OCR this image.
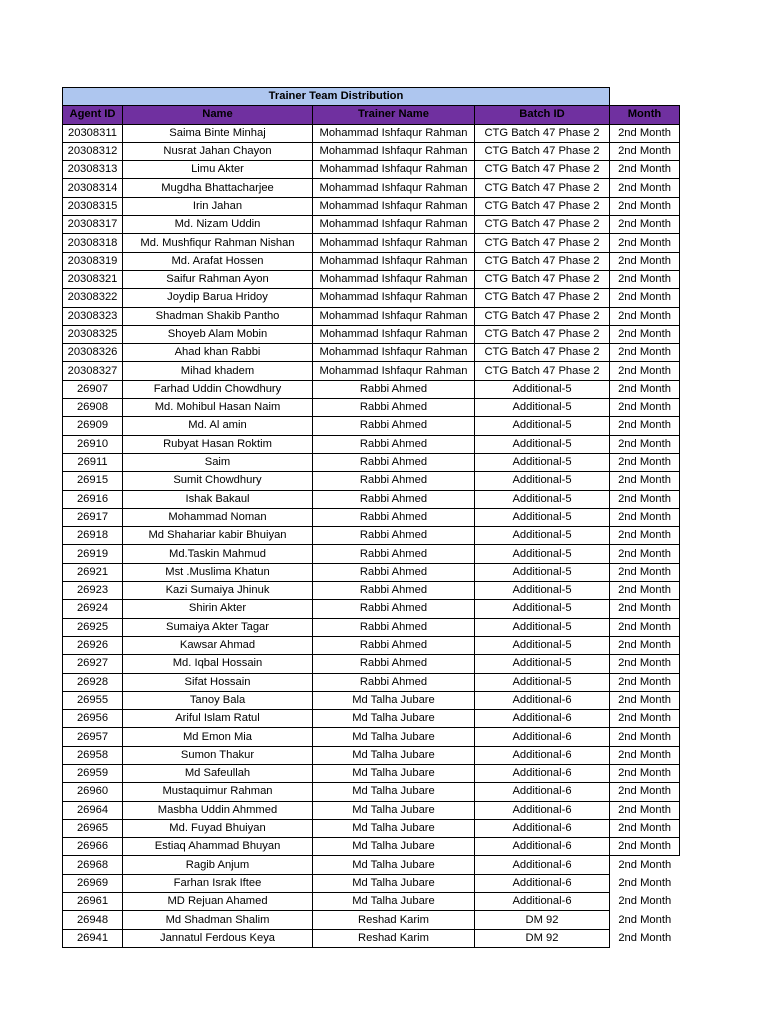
Trainer Team Distribution				
Agent ID	Name	Trainer Name	Batch ID	Month
20308311	Saima Binte Minhaj	Mohammad Ishfaqur Rahman	CTG Batch 47 Phase 2	2nd Month
20308312	Nusrat Jahan Chayon	Mohammad Ishfaqur Rahman	CTG Batch 47 Phase 2	2nd Month
20308313	Limu Akter	Mohammad Ishfaqur Rahman	CTG Batch 47 Phase 2	2nd Month
20308314	Mugdha Bhattacharjee	Mohammad Ishfaqur Rahman	CTG Batch 47 Phase 2	2nd Month
20308315	Irin Jahan	Mohammad Ishfaqur Rahman	CTG Batch 47 Phase 2	2nd Month
20308317	Md. Nizam Uddin	Mohammad Ishfaqur Rahman	CTG Batch 47 Phase 2	2nd Month
20308318	Md. Mushfiqur Rahman Nishan	Mohammad Ishfaqur Rahman	CTG Batch 47 Phase 2	2nd Month
20308319	Md. Arafat Hossen	Mohammad Ishfaqur Rahman	CTG Batch 47 Phase 2	2nd Month
20308321	Saifur Rahman Ayon	Mohammad Ishfaqur Rahman	CTG Batch 47 Phase 2	2nd Month
20308322	Joydip Barua Hridoy	Mohammad Ishfaqur Rahman	CTG Batch 47 Phase 2	2nd Month
20308323	Shadman Shakib Pantho	Mohammad Ishfaqur Rahman	CTG Batch 47 Phase 2	2nd Month
20308325	Shoyeb Alam Mobin	Mohammad Ishfaqur Rahman	CTG Batch 47 Phase 2	2nd Month
20308326	Ahad khan Rabbi	Mohammad Ishfaqur Rahman	CTG Batch 47 Phase 2	2nd Month
20308327	Mihad khadem	Mohammad Ishfaqur Rahman	CTG Batch 47 Phase 2	2nd Month
26907	Farhad Uddin Chowdhury	Rabbi Ahmed	Additional-5	2nd Month
26908	Md. Mohibul Hasan Naim	Rabbi Ahmed	Additional-5	2nd Month
26909	Md. Al amin	Rabbi Ahmed	Additional-5	2nd Month
26910	Rubyat Hasan Roktim	Rabbi Ahmed	Additional-5	2nd Month
26911	Saim	Rabbi Ahmed	Additional-5	2nd Month
26915	Sumit Chowdhury	Rabbi Ahmed	Additional-5	2nd Month
26916	Ishak Bakaul	Rabbi Ahmed	Additional-5	2nd Month
26917	Mohammad Noman	Rabbi Ahmed	Additional-5	2nd Month
26918	Md Shahariar kabir Bhuiyan	Rabbi Ahmed	Additional-5	2nd Month
26919	Md.Taskin Mahmud	Rabbi Ahmed	Additional-5	2nd Month
26921	Mst .Muslima Khatun	Rabbi Ahmed	Additional-5	2nd Month
26923	Kazi Sumaiya Jhinuk	Rabbi Ahmed	Additional-5	2nd Month
26924	Shirin Akter	Rabbi Ahmed	Additional-5	2nd Month
26925	Sumaiya Akter Tagar	Rabbi Ahmed	Additional-5	2nd Month
26926	Kawsar Ahmad	Rabbi Ahmed	Additional-5	2nd Month
26927	Md. Iqbal Hossain	Rabbi Ahmed	Additional-5	2nd Month
26928	Sifat Hossain	Rabbi Ahmed	Additional-5	2nd Month
26955	Tanoy Bala	Md Talha Jubare	Additional-6	2nd Month
26956	Ariful Islam Ratul	Md Talha Jubare	Additional-6	2nd Month
26957	Md Emon Mia	Md Talha Jubare	Additional-6	2nd Month
26958	Sumon Thakur	Md Talha Jubare	Additional-6	2nd Month
26959	Md Safeullah	Md Talha Jubare	Additional-6	2nd Month
26960	Mustaquimur Rahman	Md Talha Jubare	Additional-6	2nd Month
26964	Masbha Uddin Ahmmed	Md Talha Jubare	Additional-6	2nd Month
26965	Md. Fuyad Bhuiyan	Md Talha Jubare	Additional-6	2nd Month
26966	Estiaq Ahammad Bhuyan	Md Talha Jubare	Additional-6	2nd Month
26968	Ragib Anjum	Md Talha Jubare	Additional-6	2nd Month
26969	Farhan Israk Iftee	Md Talha Jubare	Additional-6	2nd Month
26961	MD Rejuan Ahamed	Md Talha Jubare	Additional-6	2nd Month
26948	Md Shadman Shalim	Reshad Karim	DM 92	2nd Month
26941	Jannatul Ferdous Keya	Reshad Karim	DM 92	2nd Month
